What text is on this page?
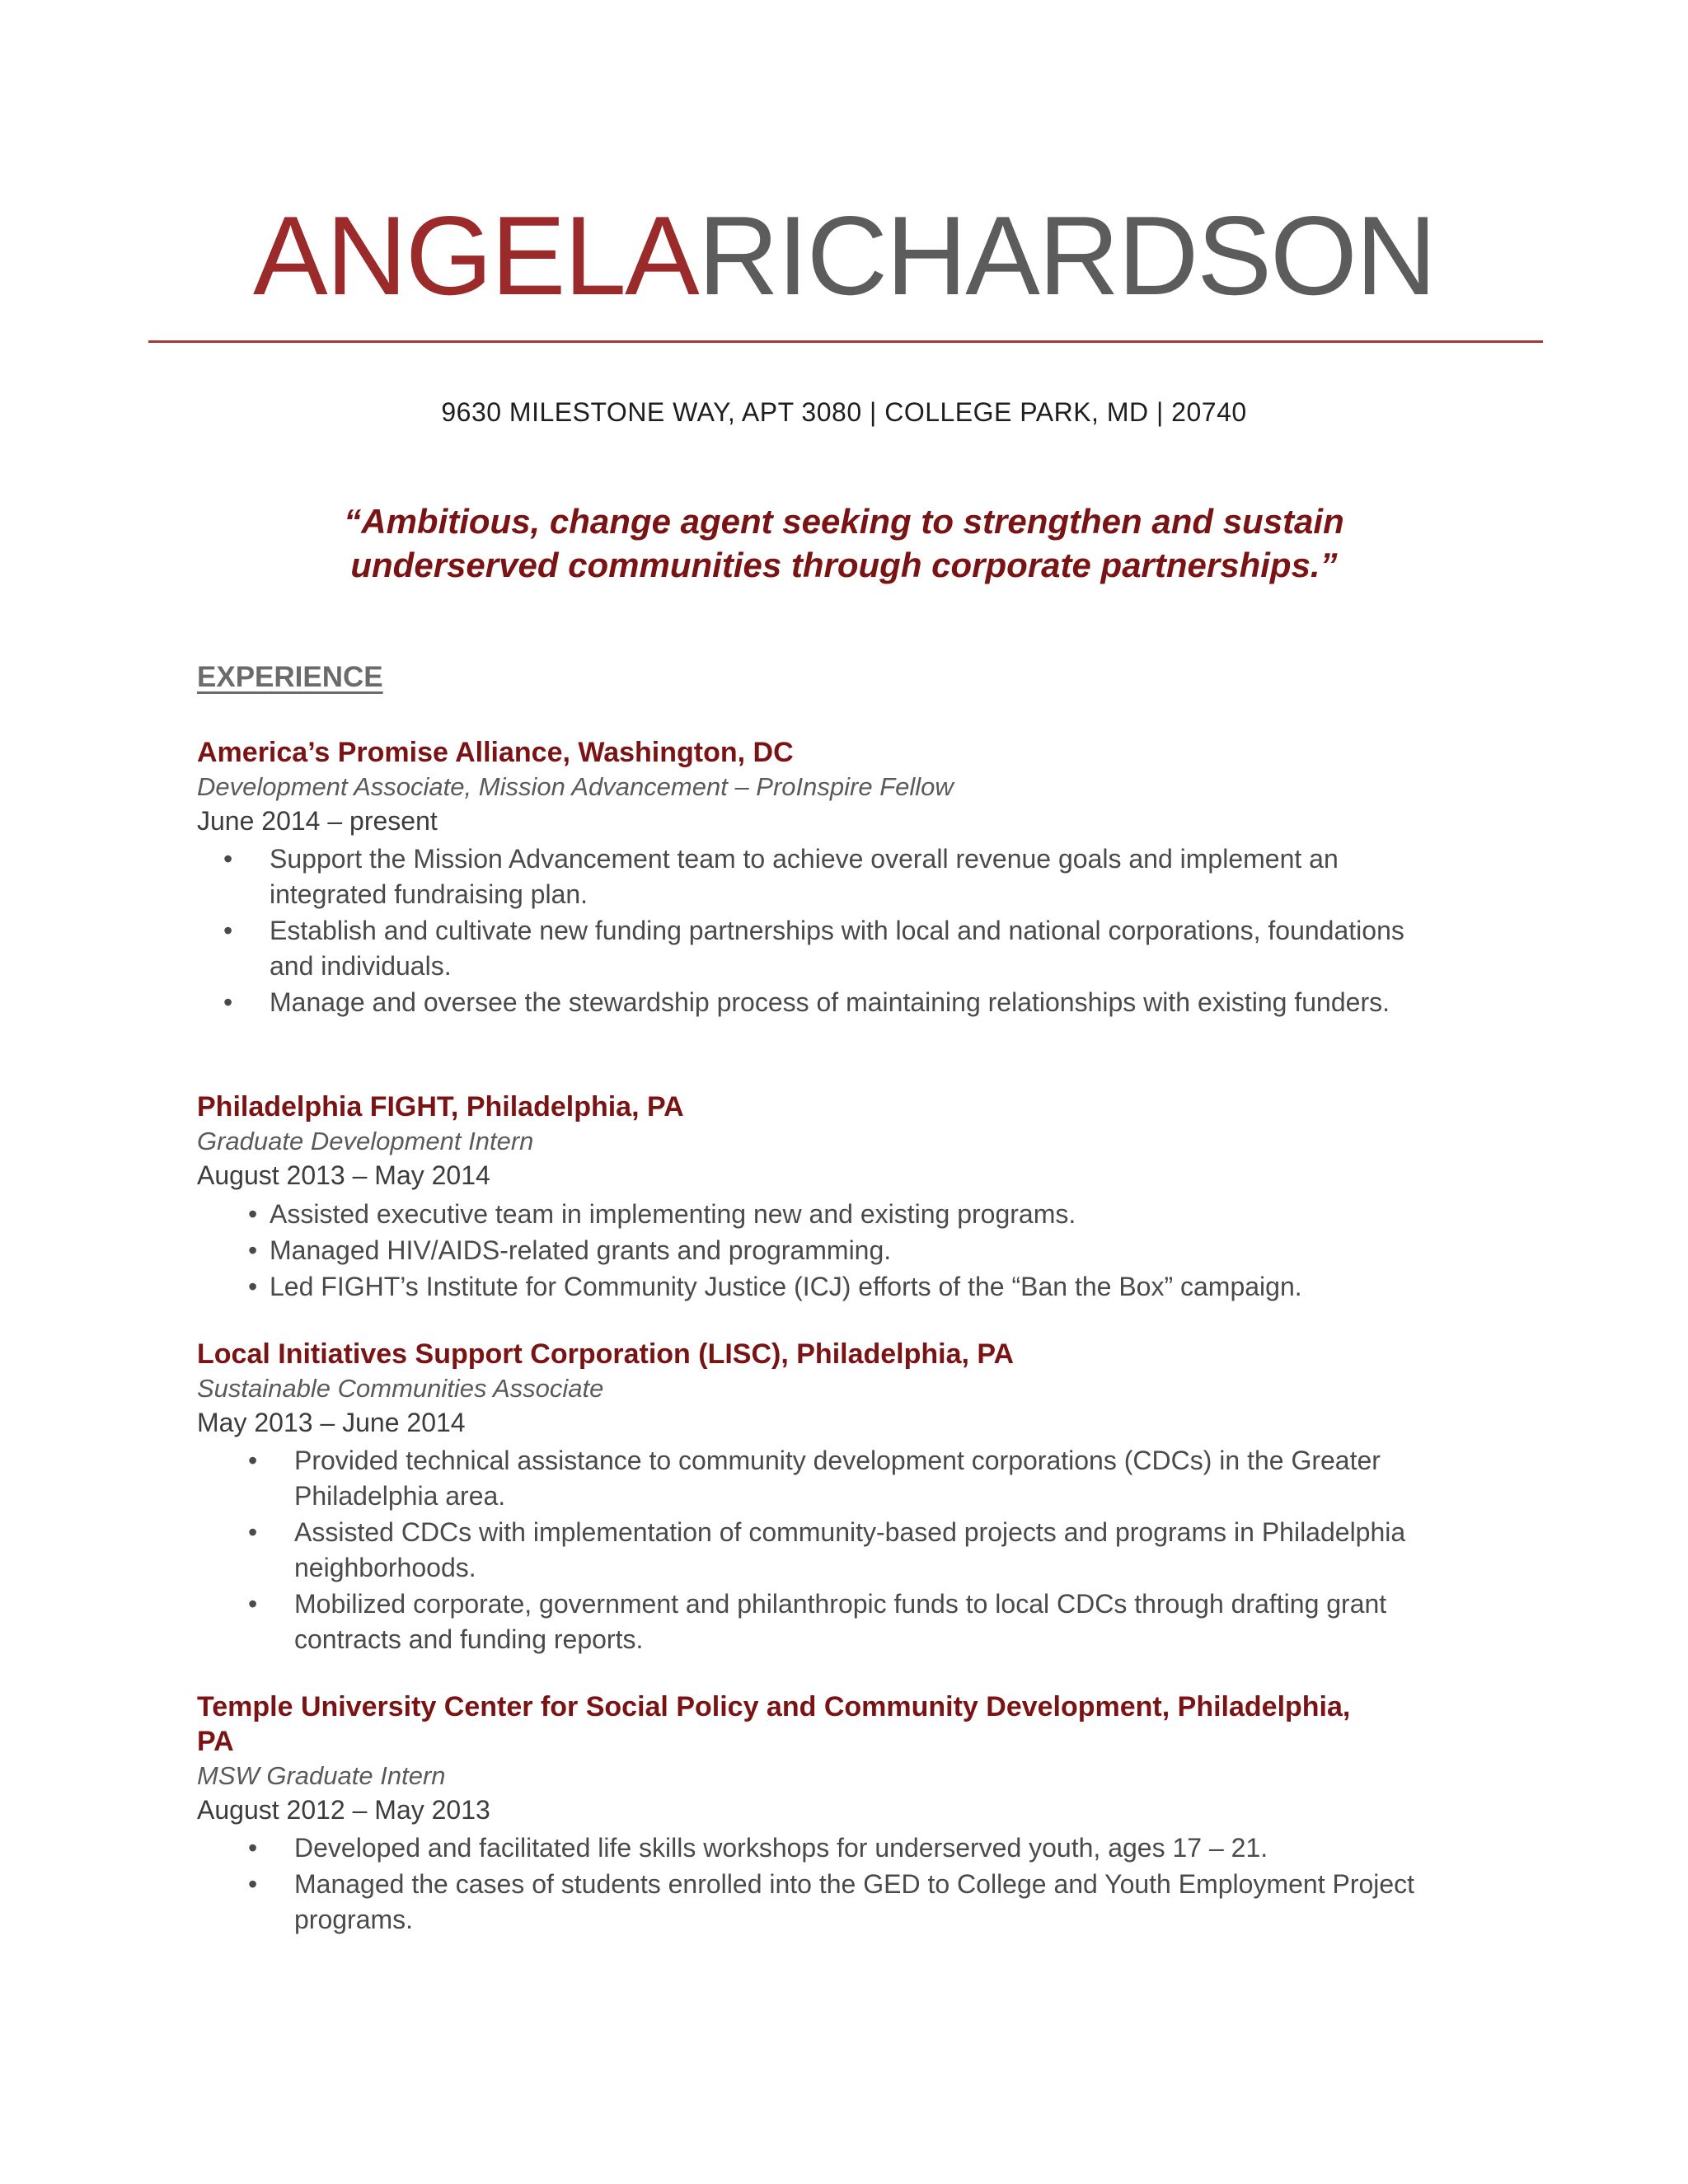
ANGELARICHARDSON
9630 MILESTONE WAY, APT 3080 | COLLEGE PARK, MD | 20740
“Ambitious, change agent seeking to strengthen and sustain
underserved communities through corporate partnerships.”
EXPERIENCE
America’s Promise Alliance, Washington, DC
Development Associate, Mission Advancement – ProInspire Fellow
June 2014 – present
• Support the Mission Advancement team to achieve overall revenue goals and implement an integrated fundraising plan.
• Establish and cultivate new funding partnerships with local and national corporations, foundations and individuals.
• Manage and oversee the stewardship process of maintaining relationships with existing funders.
Philadelphia FIGHT, Philadelphia, PA
Graduate Development Intern
August 2013 – May 2014
• Assisted executive team in implementing new and existing programs.
• Managed HIV/AIDS-related grants and programming.
• Led FIGHT’s Institute for Community Justice (ICJ) efforts of the “Ban the Box” campaign.
Local Initiatives Support Corporation (LISC), Philadelphia, PA
Sustainable Communities Associate
May 2013 – June 2014
• Provided technical assistance to community development corporations (CDCs) in the Greater Philadelphia area.
• Assisted CDCs with implementation of community-based projects and programs in Philadelphia neighborhoods.
• Mobilized corporate, government and philanthropic funds to local CDCs through drafting grant contracts and funding reports.
Temple University Center for Social Policy and Community Development, Philadelphia, PA
MSW Graduate Intern
August 2012 – May 2013
• Developed and facilitated life skills workshops for underserved youth, ages 17 – 21.
• Managed the cases of students enrolled into the GED to College and Youth Employment Project programs.
